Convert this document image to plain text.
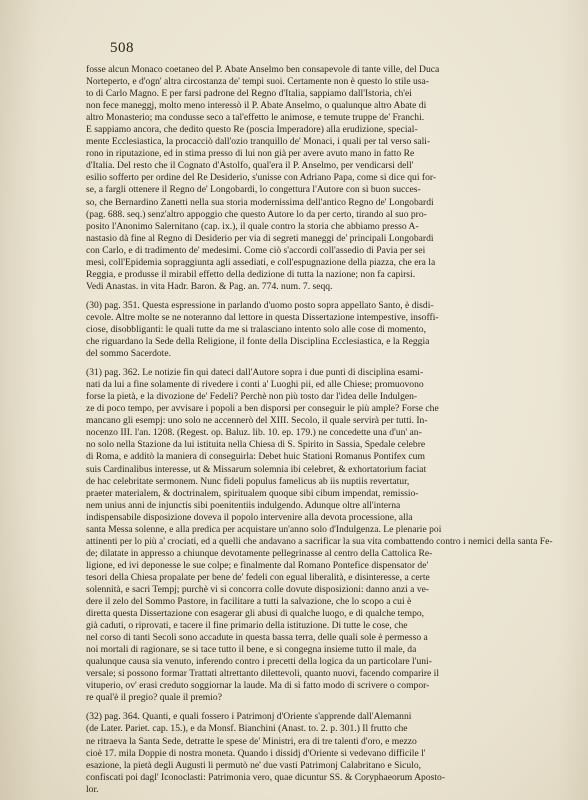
508
fosse alcun Monaco coetaneo del P. Abate Anselmo ben consapevole di tante ville, del Duca
Norteperto, e d'ogn' altra circostanza de' tempi suoi. Certamente non è questo lo stile usa-
to di Carlo Magno. E per farsi padrone del Regno d'Italia, sappiamo dall'Istoria, ch'ei
non fece maneggj, molto meno interessò il P. Abate Anselmo, o qualunque altro Abate di
altro Monasterio; ma condusse seco a tal'effetto le animose, e temute truppe de' Franchi.
E sappiamo ancora, che dedito questo Re (poscia Imperadore) alla erudizione, special-
mente Ecclesiastica, la procacciò dall'ozio tranquillo de' Monaci, i quali per tal verso sali-
rono in riputazione, ed in stima presso di lui non già per avere avuto mano in fatto Re
d'Italia. Del resto che il Cognato d'Astolfo, qual'era il P. Anselmo, per vendicarsi dell'
esilio sofferto per ordine del Re Desiderio, s'unisse con Adriano Papa, come si dice qui for-
se, a fargli ottenere il Regno de' Longobardi, lo congettura l'Autore con sì buon succes-
so, che Bernardino Zanetti nella sua storia modernissima dell'antico Regno de' Longobardi
(pag. 688. seq.) senz'altro appoggio che questo Autore lo da per certo, tirando al suo pro-
posito l'Anonimo Salernitano (cap. ix.), il quale contro la storia che abbiamo presso A-
nastasio dà fine al Regno di Desiderio per via di segreti maneggi de' principali Longobardi
con Carlo, e di tradimento de' medesimi. Come ciò s'accordi coll'assedio di Pavia per sei
mesi, coll'Epidemia sopraggiunta agli assediati, e coll'espugnazione della piazza, che era la
Reggia, e produsse il mirabil effetto della dedizione di tutta la nazione; non fa capirsi.
Vedi Anastas. in vita Hadr. Baron. & Pag. an. 774. num. 7. seqq.
(30) pag. 351. Questa espressione in parlando d'uomo posto sopra appellato Santo, è disdi-
cevole. Altre molte se ne noteranno dal lettore in questa Dissertazione intempestive, insoffi-
ciose, disobbliganti: le quali tutte da me si tralasciano intento solo alle cose di momento,
che riguardano la Sede della Religione, il fonte della Disciplina Ecclesiastica, e la Reggia
del sommo Sacerdote.
(31) pag. 362. Le notizie fin qui dateci dall'Autore sopra i due punti di disciplina esami-
nati da lui a fine solamente di rivedere i conti a' Luoghi pii, ed alle Chiese; promuovono
forse la pietà, e la divozione de' Fedeli? Perchè non più tosto dar l'idea delle Indulgen-
ze di poco tempo, per avvisare i popoli a ben disporsi per conseguir le più ample? Forse che
mancano gli esempj: uno solo ne accennerò del XIII. Secolo, il quale servirà per tutti. In-
nocenzo III. l'an. 1208. (Regest. op. Baluz. lib. 10. ep. 179.) ne concedette una d'un' an-
no solo nella Stazione da lui istituita nella Chiesa di S. Spirito in Sassia, Spedale celebre
di Roma, e additò la maniera di conseguirla: Debet huic Stationi Romanus Pontifex cum
suis Cardinalibus interesse, ut & Missarum solemnia ibi celebret, & exhortatorium faciat
de hac celebritate sermonem. Nunc fideli populus famelicus ab iis nuptiis revertatur,
praeter materialem, & doctrinalem, spiritualem quoque sibi cibum impendat, remissio-
nem unius anni de injunctis sibi poenitentiis indulgendo. Adunque oltre all'interna
indispensabile disposizione doveva il popolo intervenire alla devota processione, alla
santa Messa solenne, e alla predica per acquistare un'anno solo d'Indulgenza. Le plenarie poi
attinenti per lo più a' crociati, ed a quelli che andavano a sacrificar la sua vita combattendo contro i nemici della santa Fe-
de; dilatate in appresso a chiunque devotamente pellegrinasse al centro della Cattolica Re-
ligione, ed ivi deponesse le sue colpe; e finalmente dal Romano Pontefice dispensator de'
tesori della Chiesa propalate per bene de' fedeli con egual liberalità, e disinteresse, a certe
solennità, e sacri Tempj; purchè vi si concorra colle dovute disposizioni: danno anzi a ve-
dere il zelo del Sommo Pastore, in facilitare a tutti la salvazione, che lo scopo a cui è
diretta questa Dissertazione con esagerar gli abusi di qualche luogo, e di qualche tempo,
già caduti, o riprovati, e tacere il fine primario della istituzione. Di tutte le cose, che
nel corso di tanti Secoli sono accadute in questa bassa terra, delle quali sole è permesso a
noi mortali di ragionare, se si tace tutto il bene, e si congegna insieme tutto il male, da
qualunque causa sia venuto, inferendo contro i precetti della logica da un particolare l'uni-
versale; si possono formar Trattati altrettanto dilettevoli, quanto nuovi, facendo comparire il
vituperio, ov' erasi creduto soggiornar la laude. Ma di sì fatto modo di scrivere o compor-
re qual'è il pregio? quale il premio?
(32) pag. 364. Quanti, e quali fossero i Patrimonj d'Oriente s'apprende dall'Alemanni
(de Later. Pariet. cap. 15.), e da Monsf. Bianchini (Anast. to. 2. p. 301.) Il frutto che
ne ritraeva la Santa Sede, detratte le spese de' Ministri, era di tre talenti d'oro, e mezzo
cioè 17. mila Doppie di nostra moneta. Quando i dissidj d'Oriente si vedevano difficile l'
esazione, la pietà degli Augusti li permutò ne' due vasti Patrimonj Calabritano e Siculo,
confiscati poi dagl' Iconoclasti: Patrimonia vero, quae dicuntur SS. & Coryphaeorum Aposto-
lor.
